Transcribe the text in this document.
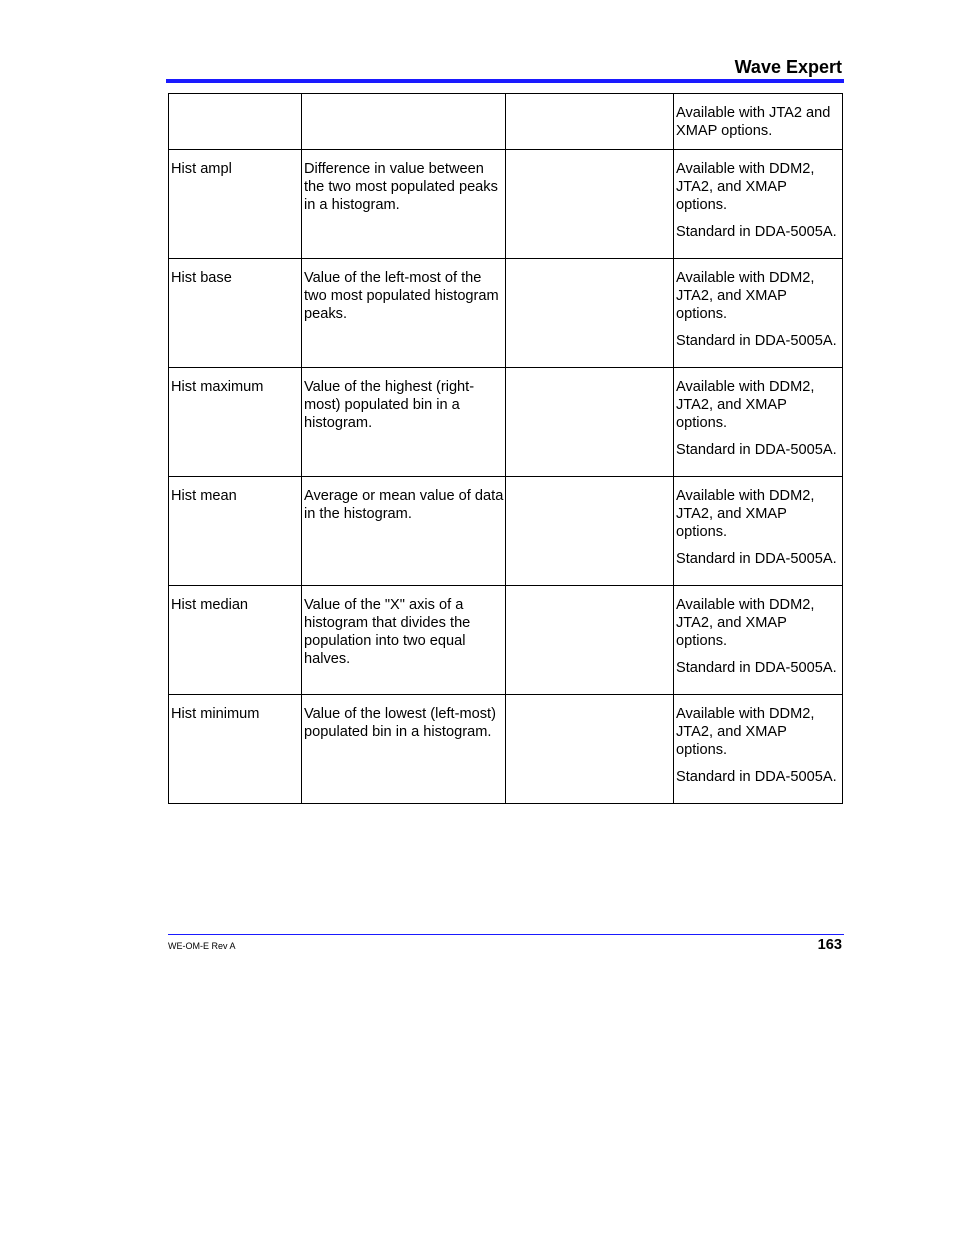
Wave Expert

			Available with JTA2 and XMAP options.

Hist ampl	Difference in value between the two most populated peaks in a histogram.		Available with DDM2, JTA2, and XMAP options.

Standard in DDA-5005A.

Hist base	Value of the left-most of the two most populated histogram peaks.		Available with DDM2, JTA2, and XMAP options.

Standard in DDA-5005A.

Hist maximum	Value of the highest (right-most) populated bin in a histogram.		Available with DDM2, JTA2, and XMAP options.

Standard in DDA-5005A.

Hist mean	Average or mean value of data in the histogram.		Available with DDM2, JTA2, and XMAP options.

Standard in DDA-5005A.

Hist median	Value of the "X" axis of a histogram that divides the population into two equal halves.		Available with DDM2, JTA2, and XMAP options.

Standard in DDA-5005A.

Hist minimum	Value of the lowest (left-most) populated bin in a histogram.		Available with DDM2, JTA2, and XMAP options.

Standard in DDA-5005A.

WE-OM-E Rev A	163
